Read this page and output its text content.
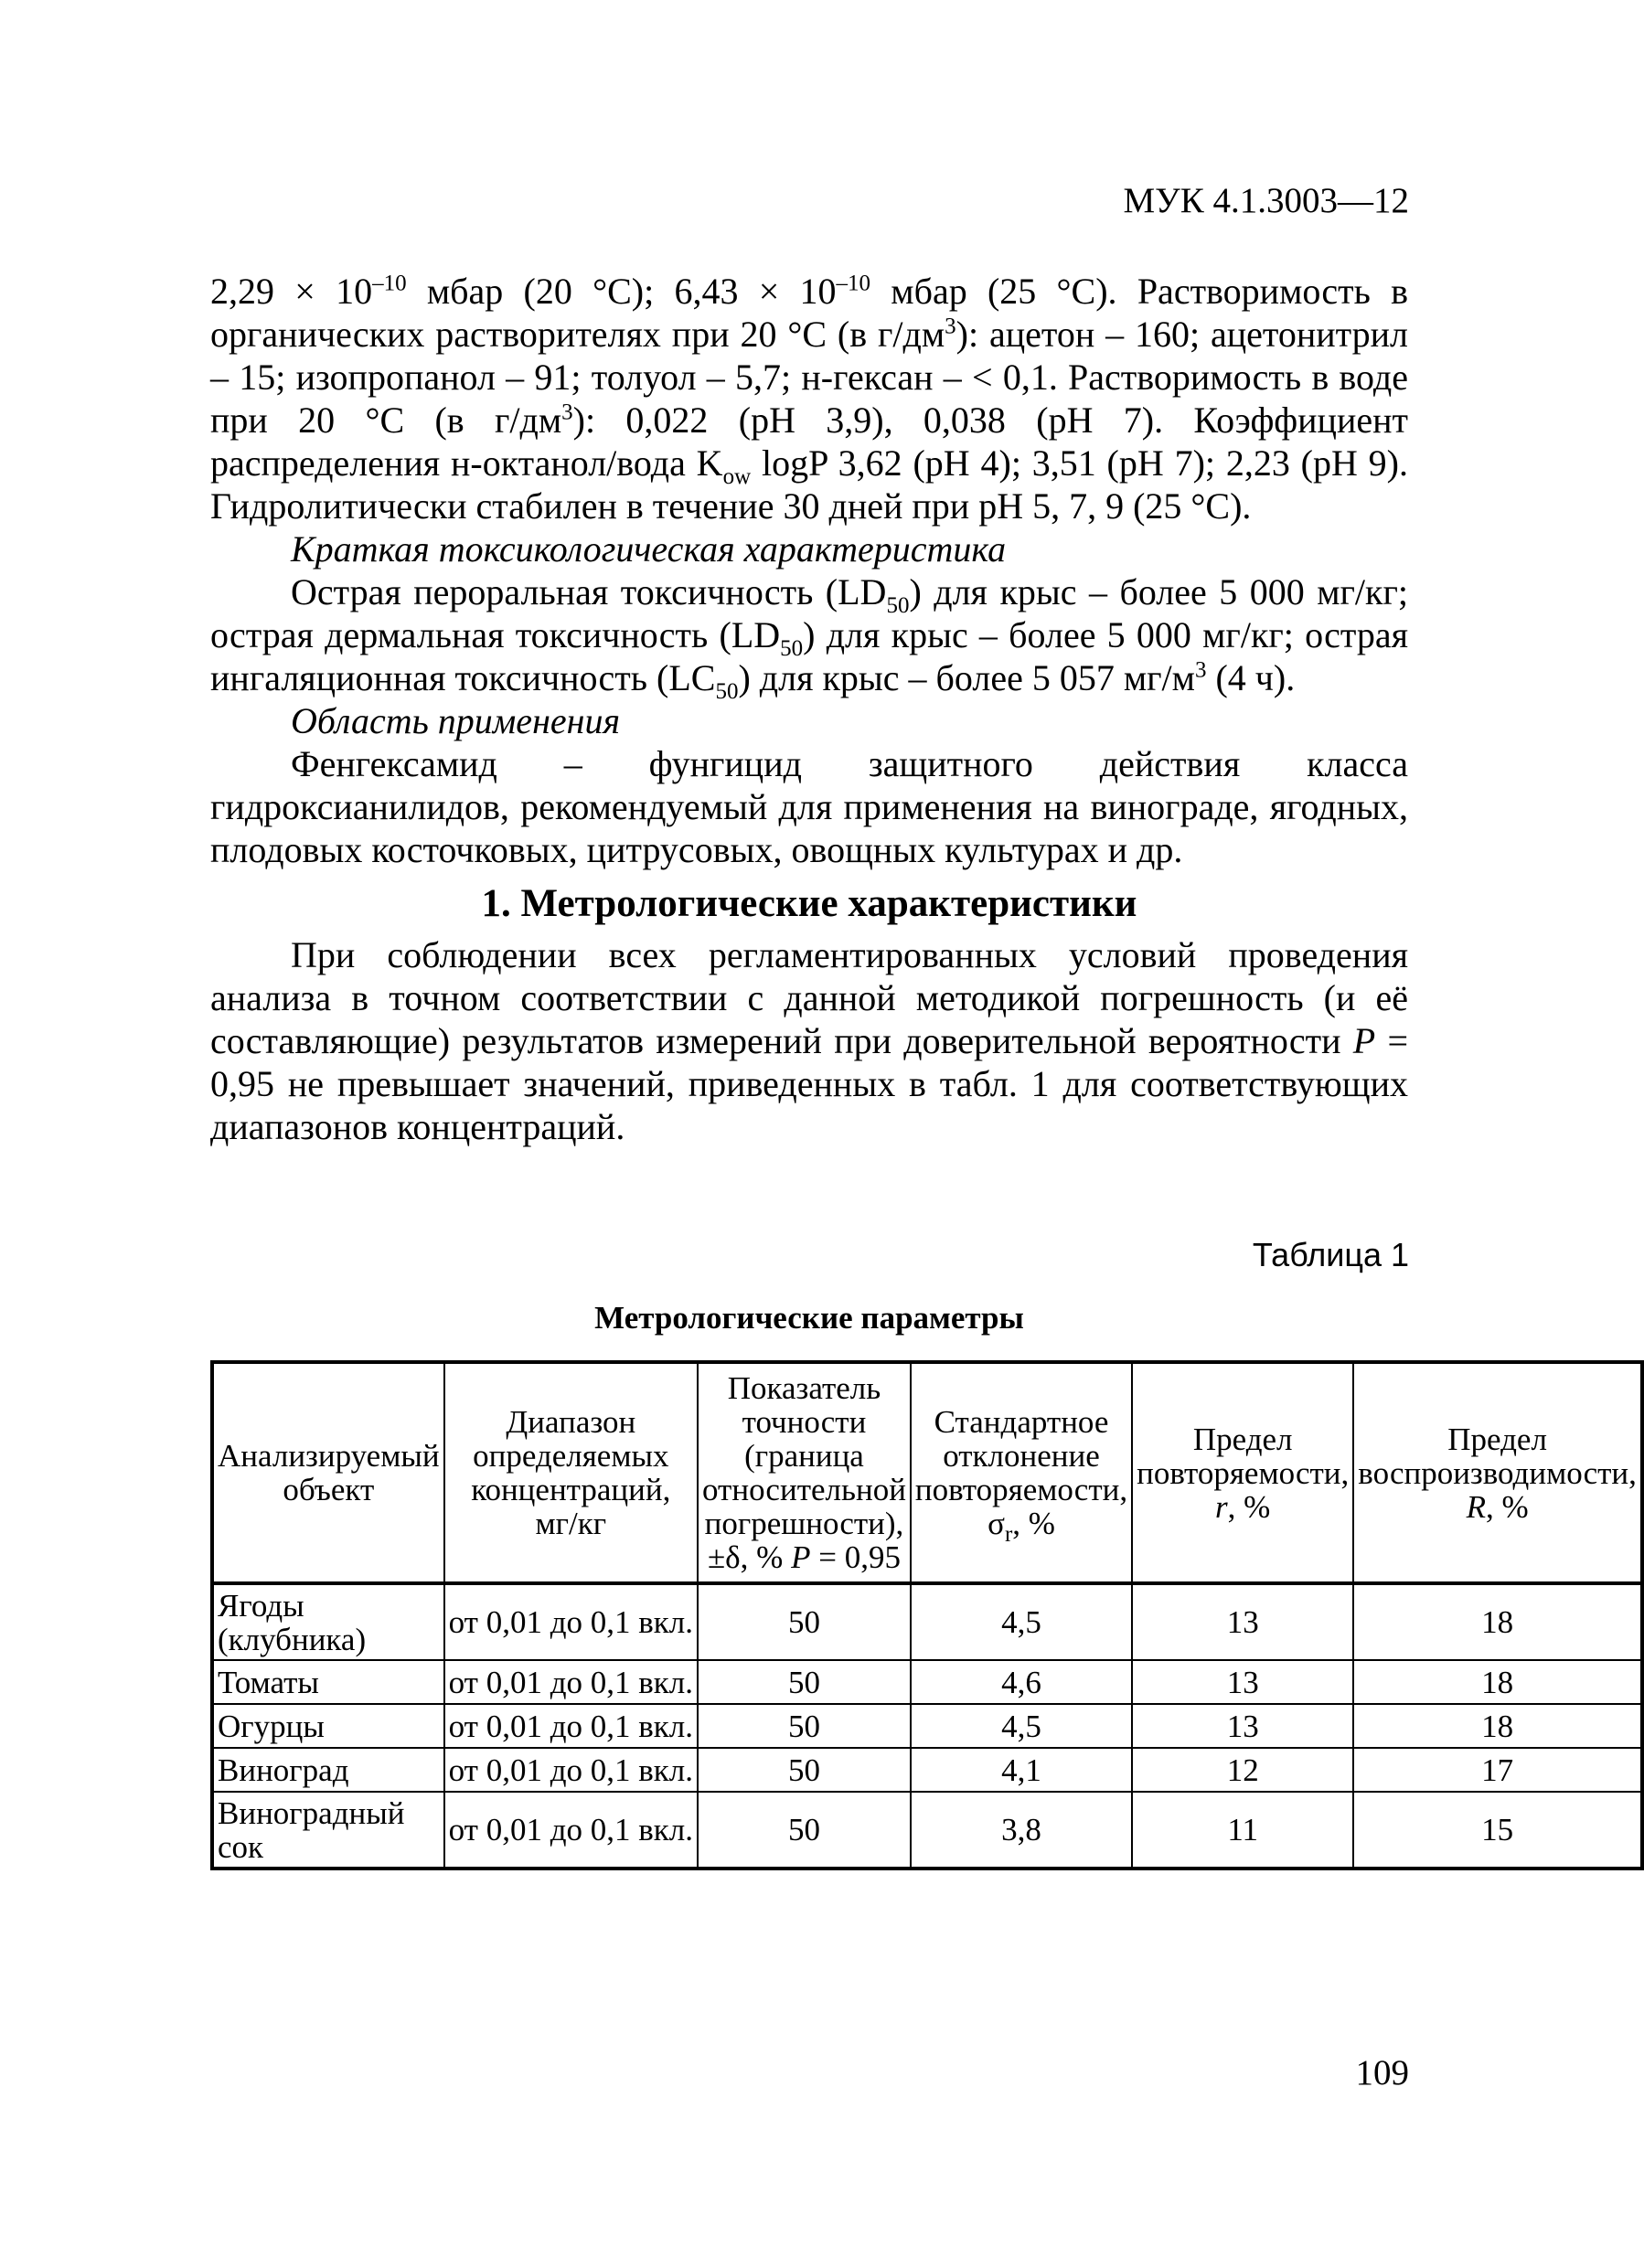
МУК 4.1.3003—12

$2,29 \times 10^{-10}$ мбар (20 °С); $6,43 \times 10^{-10}$ мбар (25 °С). Растворимость в органических растворителях при 20 °С (в $г/дм^3$): ацетон – 160; ацетонитрил – 15; изопропанол – 91; толуол – 5,7; н-гексан – < 0,1. Растворимость в воде при 20 °С (в $г/дм^3$): 0,022 (рН 3,9), 0,038 (рН 7). Коэффициент распределения н-октанол/вода $K_{ow}$ logP 3,62 (рН 4); 3,51 (рН 7); 2,23 (рН 9). Гидролитически стабилен в течение 30 дней при рН 5, 7, 9 (25 °С).

Краткая токсикологическая характеристика

Острая пероральная токсичность $(LD_{50})$ для крыс – более 5 000 мг/кг; острая дермальная токсичность $(LD_{50})$ для крыс – более 5 000 мг/кг; острая ингаляционная токсичность $(LC_{50})$ для крыс – более 5 057 $мг/м^3$ (4 ч).

Область применения

Фенгексамид – фунгицид защитного действия класса гидроксианилидов, рекомендуемый для применения на винограде, ягодных, плодовых косточковых, цитрусовых, овощных культурах и др.

1. Метрологические характеристики

При соблюдении всех регламентированных условий проведения анализа в точном соответствии с данной методикой погрешность (и её составляющие) результатов измерений при доверительной вероятности P = 0,95 не превышает значений, приведенных в табл. 1 для соответствующих диапазонов концентраций.

Таблица 1
Метрологические параметры
Анализируемый объект	Диапазон определяемых концентраций, мг/кг	Показатель точности (граница относительной погрешности), ±δ, % P = 0,95	Стандартное отклонение повторяемости, $\sigma_r$, %	Предел повторяемости, r, %	Предел воспроизводимости, R, %
Ягоды (клубника)	от 0,01 до 0,1 вкл.	50	4,5	13	18
Томаты	от 0,01 до 0,1 вкл.	50	4,6	13	18
Огурцы	от 0,01 до 0,1 вкл.	50	4,5	13	18
Виноград	от 0,01 до 0,1 вкл.	50	4,1	12	17
Виноградный сок	от 0,01 до 0,1 вкл.	50	3,8	11	15
109
